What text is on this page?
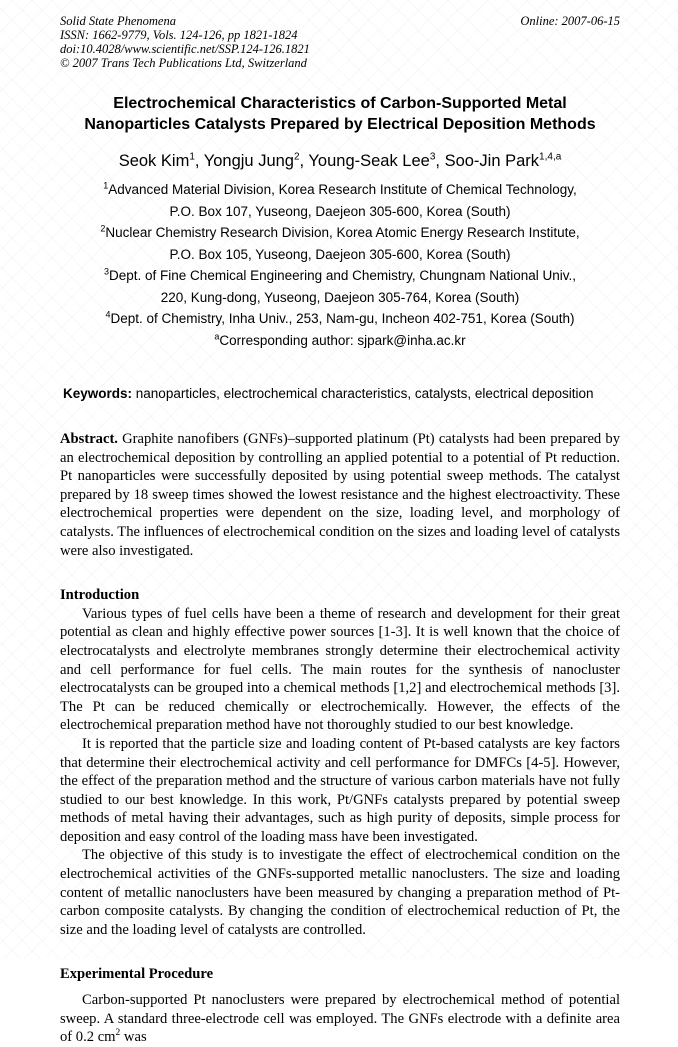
Solid State Phenomena
ISSN: 1662-9779, Vols. 124-126, pp 1821-1824
doi:10.4028/www.scientific.net/SSP.124-126.1821
© 2007 Trans Tech Publications Ltd, Switzerland
Online: 2007-06-15
Electrochemical Characteristics of Carbon-Supported Metal Nanoparticles Catalysts Prepared by Electrical Deposition Methods
Seok Kim$^1$, Yongju Jung$^2$, Young-Seak Lee$^3$, Soo-Jin Park$^{1,4,a}$
$^1$Advanced Material Division, Korea Research Institute of Chemical Technology,
P.O. Box 107, Yuseong, Daejeon 305-600, Korea (South)
$^2$Nuclear Chemistry Research Division, Korea Atomic Energy Research Institute,
P.O. Box 105, Yuseong, Daejeon 305-600, Korea (South)
$^3$Dept. of Fine Chemical Engineering and Chemistry, Chungnam National Univ.,
220, Kung-dong, Yuseong, Daejeon 305-764, Korea (South)
$^4$Dept. of Chemistry, Inha Univ., 253, Nam-gu, Incheon 402-751, Korea (South)
$^a$Corresponding author: sjpark@inha.ac.kr
Keywords: nanoparticles, electrochemical characteristics, catalysts, electrical deposition

Abstract. Graphite nanofibers (GNFs)–supported platinum (Pt) catalysts had been prepared by an electrochemical deposition by controlling an applied potential to a potential of Pt reduction. Pt nanoparticles were successfully deposited by using potential sweep methods. The catalyst prepared by 18 sweep times showed the lowest resistance and the highest electroactivity. These electrochemical properties were dependent on the size, loading level, and morphology of catalysts. The influences of electrochemical condition on the sizes and loading level of catalysts were also investigated.

Introduction

Various types of fuel cells have been a theme of research and development for their great potential as clean and highly effective power sources [1-3]. It is well known that the choice of electrocatalysts and electrolyte membranes strongly determine their electrochemical activity and cell performance for fuel cells. The main routes for the synthesis of nanocluster electrocatalysts can be grouped into a chemical methods [1,2] and electrochemical methods [3]. The Pt can be reduced chemically or electrochemically. However, the effects of the electrochemical preparation method have not thoroughly studied to our best knowledge.

It is reported that the particle size and loading content of Pt-based catalysts are key factors that determine their electrochemical activity and cell performance for DMFCs [4-5]. However, the effect of the preparation method and the structure of various carbon materials have not fully studied to our best knowledge. In this work, Pt/GNFs catalysts prepared by potential sweep methods of metal having their advantages, such as high purity of deposits, simple process for deposition and easy control of the loading mass have been investigated.

The objective of this study is to investigate the effect of electrochemical condition on the electrochemical activities of the GNFs-supported metallic nanoclusters. The size and loading content of metallic nanoclusters have been measured by changing a preparation method of Pt-carbon composite catalysts. By changing the condition of electrochemical reduction of Pt, the size and the loading level of catalysts are controlled.

Experimental Procedure

Carbon-supported Pt nanoclusters were prepared by electrochemical method of potential sweep. A standard three-electrode cell was employed. The GNFs electrode with a definite area of 0.2 $cm^2$ was
